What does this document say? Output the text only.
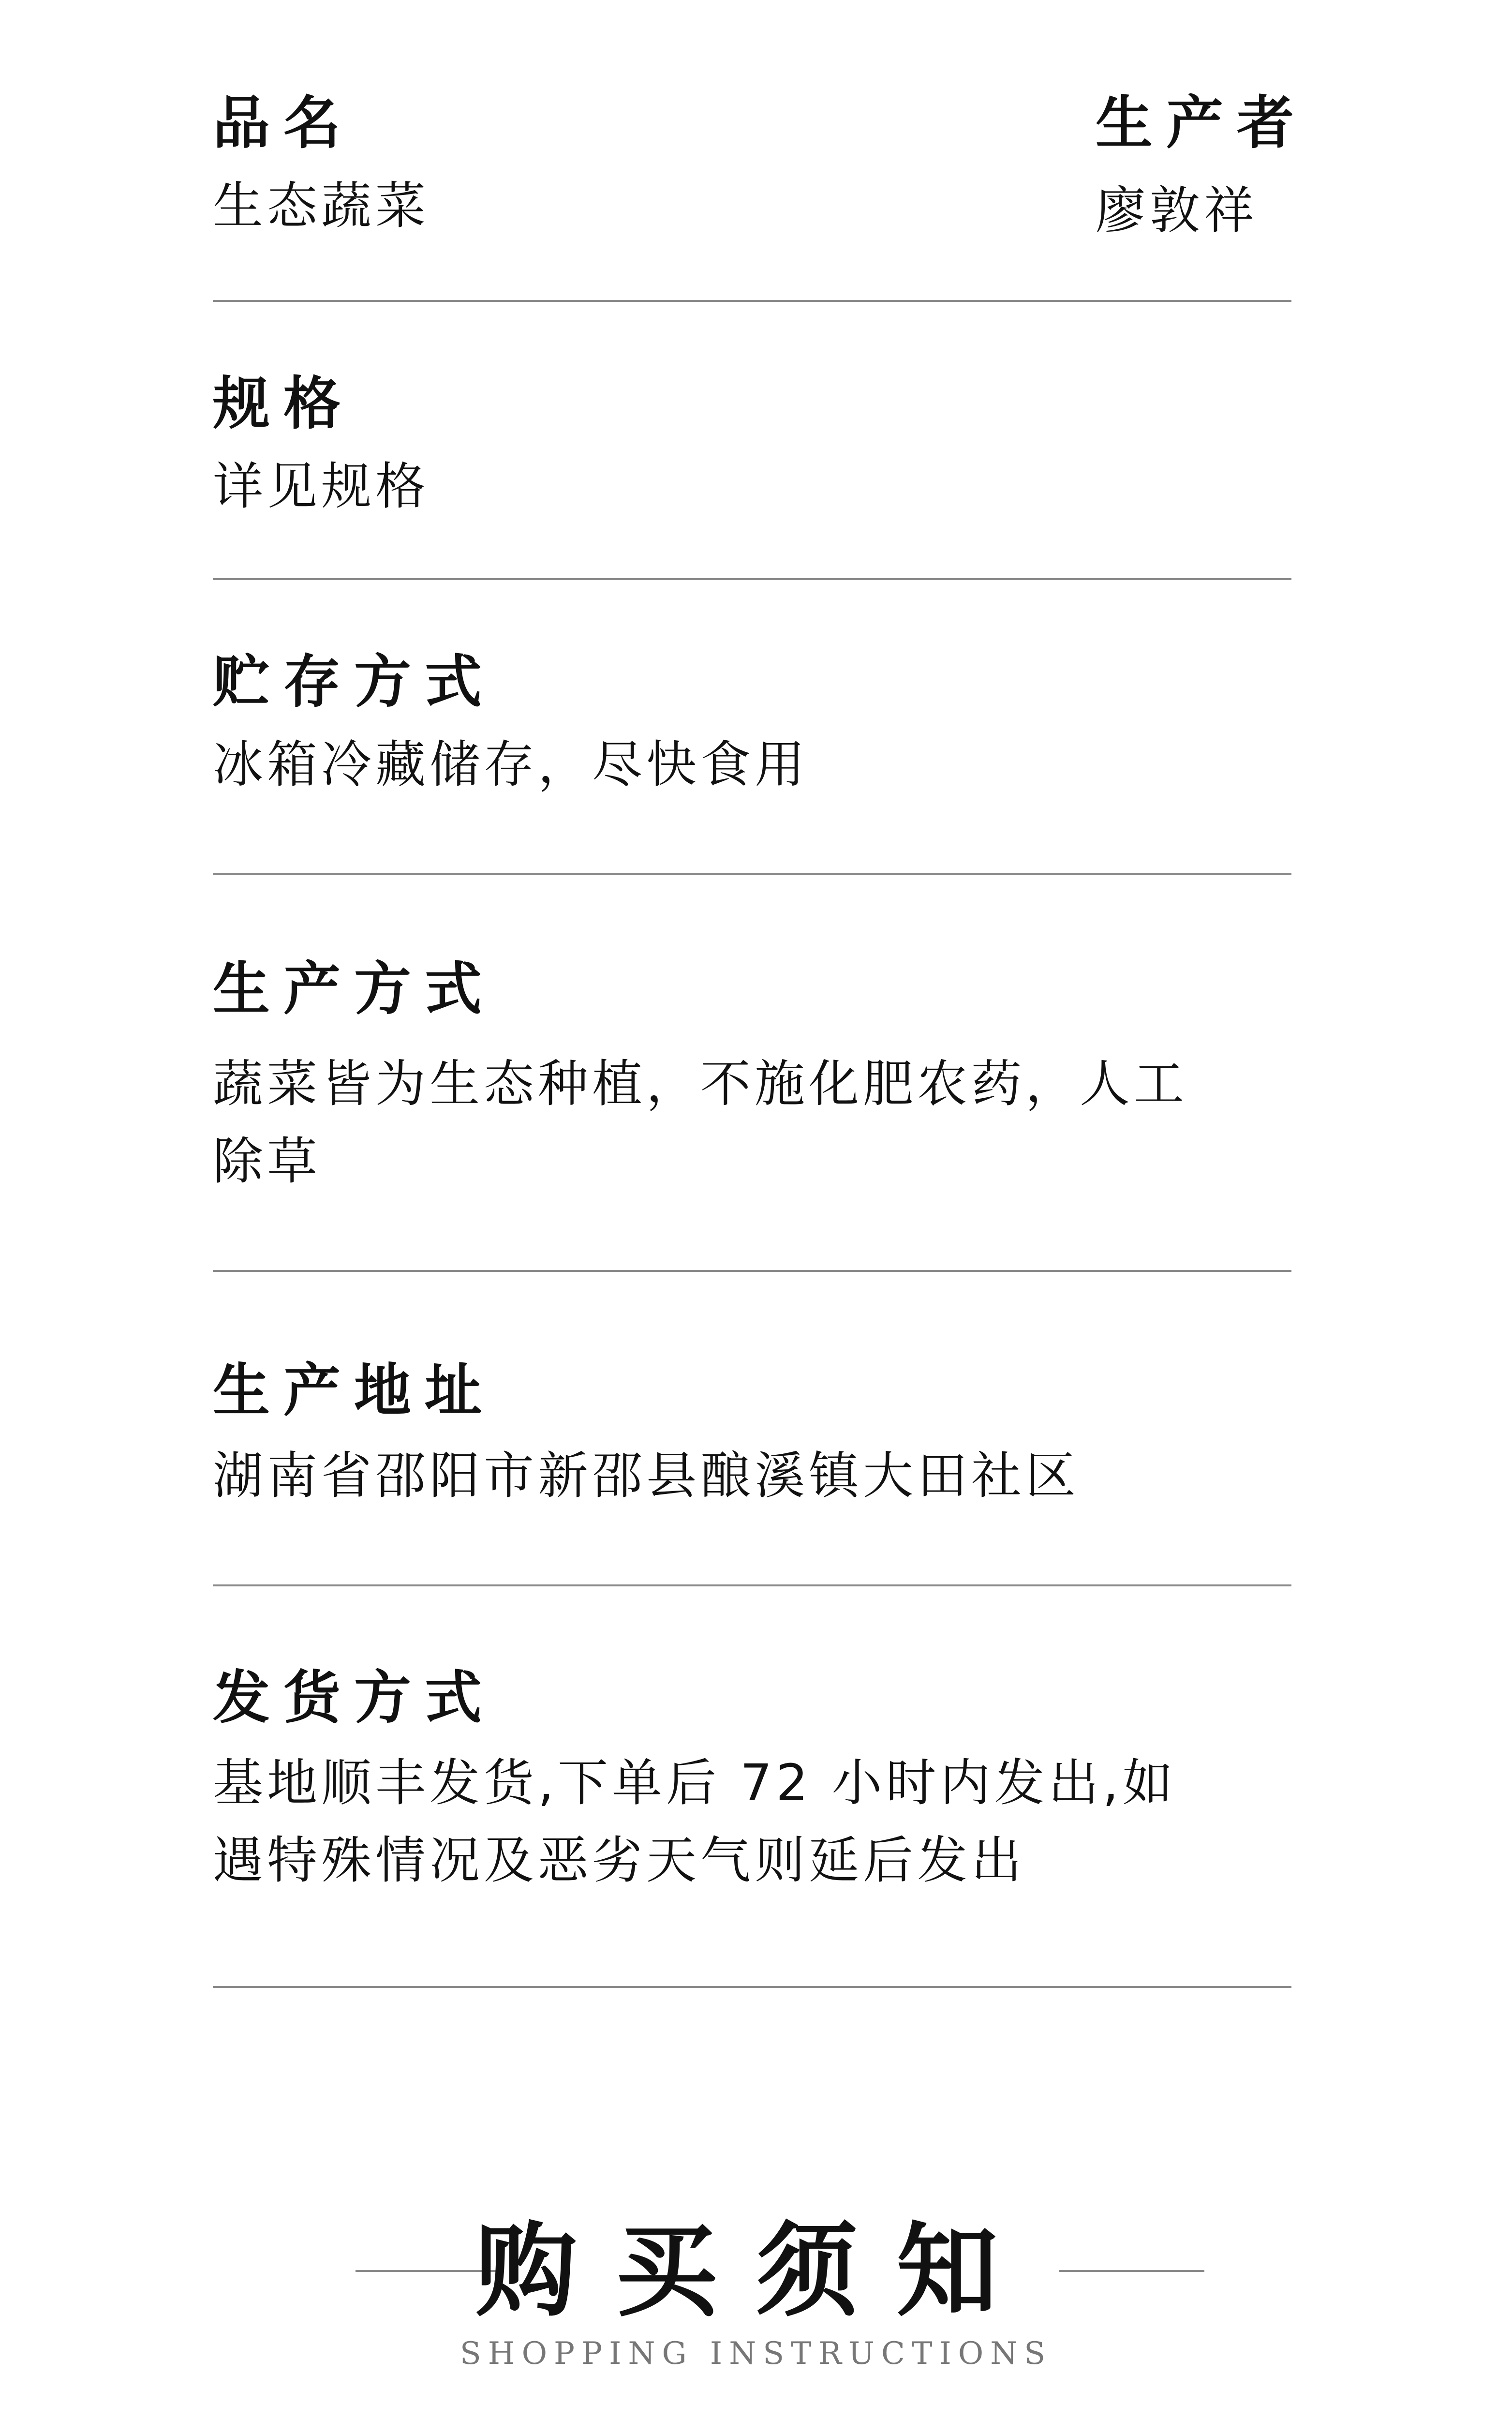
品名
生态蔬菜
生产者
廖敦祥
规格
详见规格
贮存方式
冰箱冷藏储存，尽快食用
生产方式
蔬菜皆为生态种植，不施化肥农药，人工
除草
生产地址
湖南省邵阳市新邵县酿溪镇大田社区
发货方式
基地顺丰发货,下单后 72 小时内发出,如
遇特殊情况及恶劣天气则延后发出
购买须知
SHOPPING INSTRUCTIONS
